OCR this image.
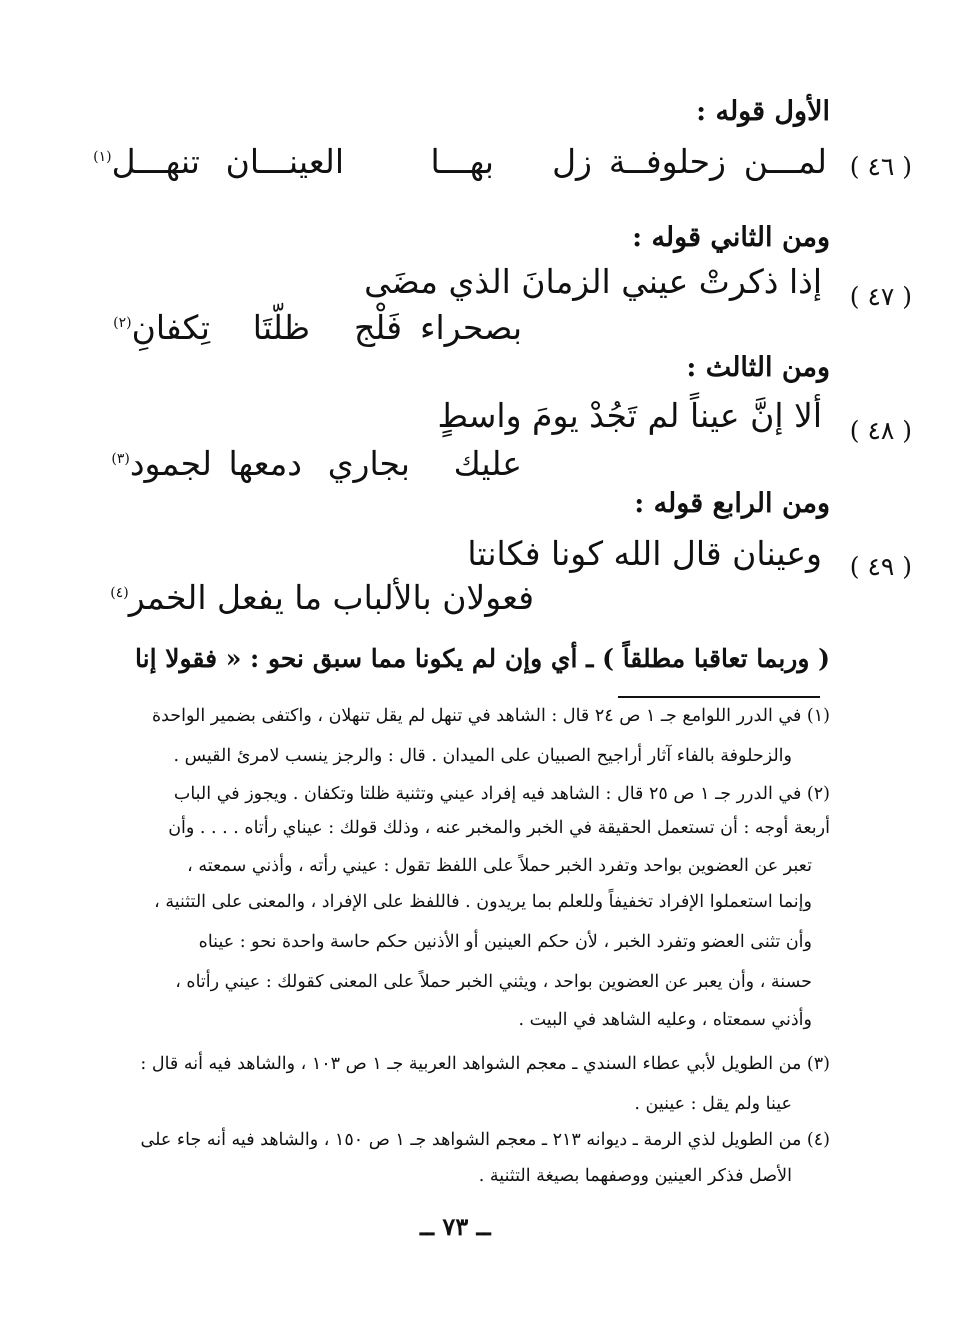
الأول قوله :
( ٤٦ )
لمـــن
زحلوفــة
زل
بهـــا
العينـــان
تنهـــل$^{(١)}$
ومن الثاني قوله :
( ٤٧ )
إذا ذكرتْ عيني الزمانَ الذي مضَى
بصحراء
فَلْج
ظلّتَا
تِكفانِ$^{(٢)}$
ومن الثالث :
( ٤٨ )
ألا إنَّ عيناً لم تَجُدْ يومَ واسطٍ
عليك
بجاري
دمعها
لجمود$^{(٣)}$
ومن الرابع قوله :
( ٤٩ )
وعينان قال الله كونا فكانتا
فعولان بالألباب ما يفعل الخمر$^{(٤)}$
( وربما تعاقبا مطلقاً ) ـ أي وإن لم يكونا مما سبق نحو : « فقولا إنا
(١) في الدرر اللوامع جـ ١ ص ٢٤ قال : الشاهد في تنهل لم يقل تنهلان ، واكتفى بضمير الواحدة
والزحلوفة بالفاء آثار أراجيح الصبيان على الميدان . قال : والرجز ينسب لامرئ القيس .
(٢) في الدرر جـ ١ ص ٢٥ قال : الشاهد فيه إفراد عيني وتثنية ظلتا وتكفان . ويجوز في الباب
أربعة أوجه : أن تستعمل الحقيقة في الخبر والمخبر عنه ، وذلك قولك : عيناي رأتاه . . . . وأن
تعبر عن العضوين بواحد وتفرد الخبر حملاً على اللفظ تقول : عيني رأته ، وأذني سمعته ،
وإنما استعملوا الإفراد تخفيفاً وللعلم بما يريدون . فاللفظ على الإفراد ، والمعنى على التثنية ،
وأن تثنى العضو وتفرد الخبر ، لأن حكم العينين أو الأذنين حكم حاسة واحدة نحو : عيناه
حسنة ، وأن يعبر عن العضوين بواحد ، ويثني الخبر حملاً على المعنى كقولك : عيني رأتاه ،
وأذني سمعتاه ، وعليه الشاهد في البيت .
(٣) من الطويل لأبي عطاء السندي ـ معجم الشواهد العربية جـ ١ ص ١٠٣ ، والشاهد فيه أنه قال :
عينا ولم يقل : عينين .
(٤) من الطويل لذي الرمة ـ ديوانه ٢١٣ ـ معجم الشواهد جـ ١ ص ١٥٠ ، والشاهد فيه أنه جاء على
الأصل فذكر العينين ووصفهما بصيغة التثنية .
ــ ٧٣ ــ
